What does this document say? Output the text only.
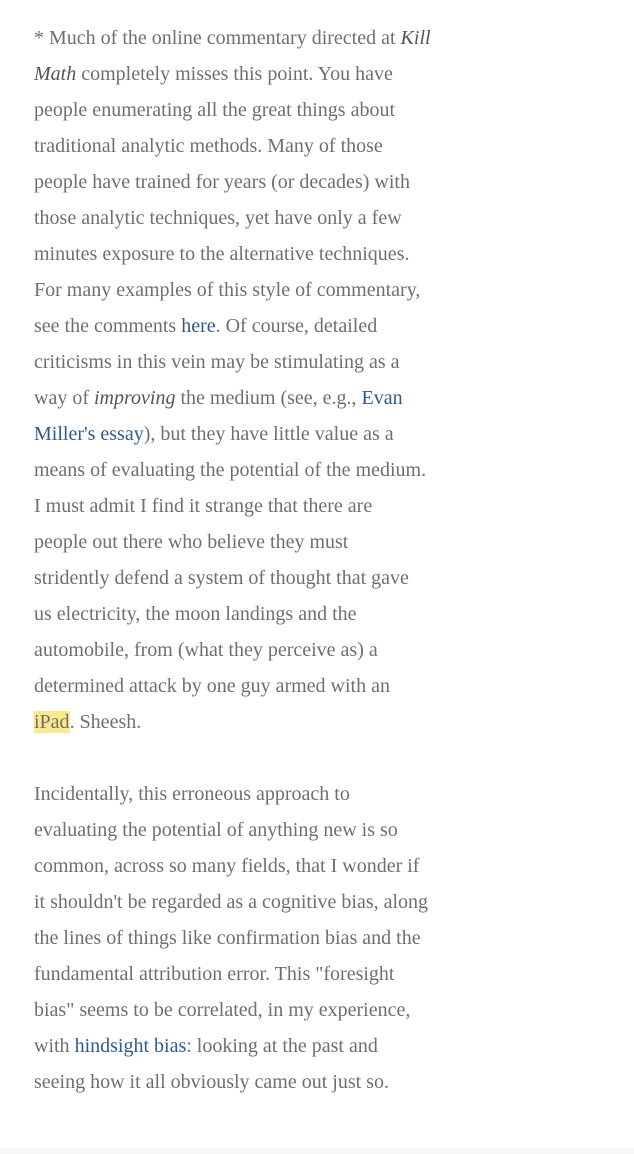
* Much of the online commentary directed at Kill
Math completely misses this point. You have
people enumerating all the great things about
traditional analytic methods. Many of those
people have trained for years (or decades) with
those analytic techniques, yet have only a few
minutes exposure to the alternative techniques.
For many examples of this style of commentary,
see the comments here. Of course, detailed
criticisms in this vein may be stimulating as a
way of improving the medium (see, e.g., Evan
Miller's essay), but they have little value as a
means of evaluating the potential of the medium.
I must admit I find it strange that there are
people out there who believe they must
stridently defend a system of thought that gave
us electricity, the moon landings and the
automobile, from (what they perceive as) a
determined attack by one guy armed with an
iPad. Sheesh.

Incidentally, this erroneous approach to
evaluating the potential of anything new is so
common, across so many fields, that I wonder if
it shouldn't be regarded as a cognitive bias, along
the lines of things like confirmation bias and the
fundamental attribution error. This "foresight
bias" seems to be correlated, in my experience,
with hindsight bias: looking at the past and
seeing how it all obviously came out just so.
